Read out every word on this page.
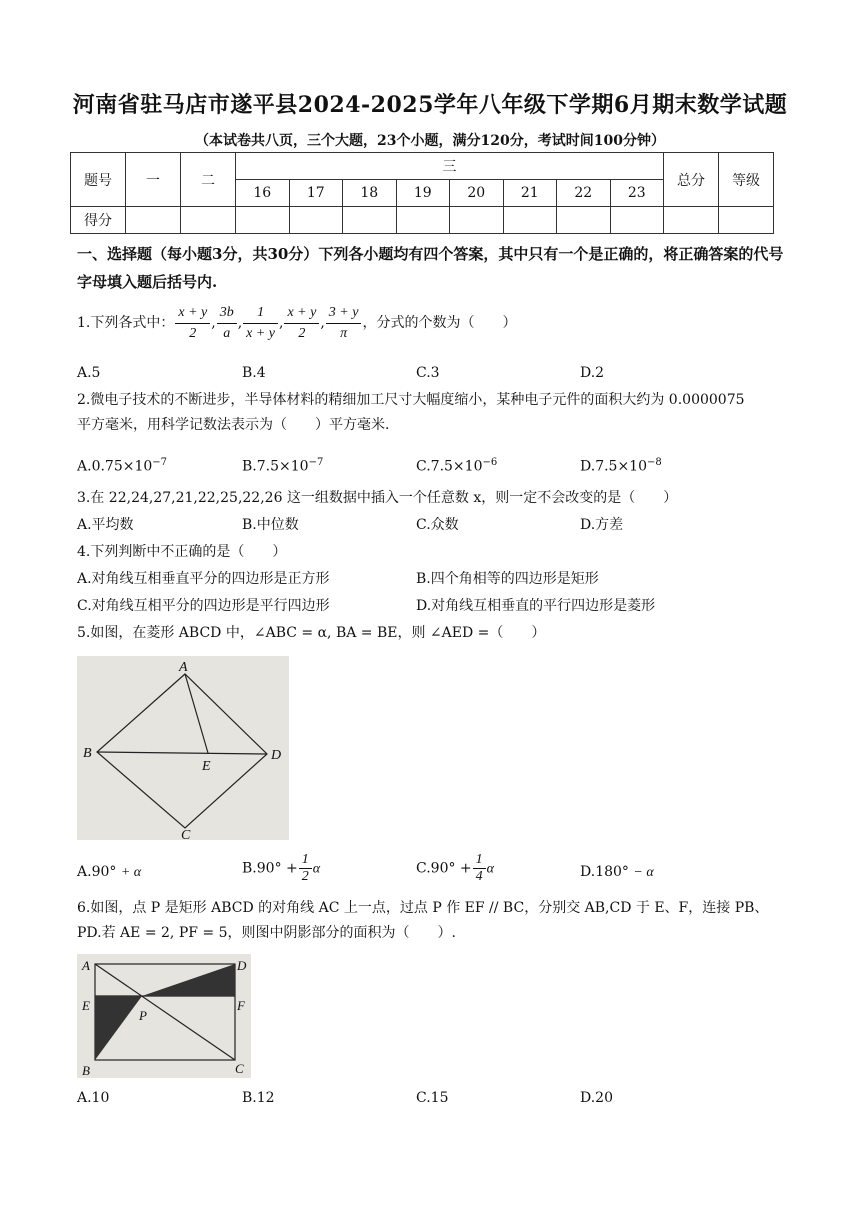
河南省驻马店市遂平县2024-2025学年八年级下学期6月期末数学试题
（本试卷共八页，三个大题，23个小题，满分120分，考试时间100分钟）
题号	一	二	三								总分	等级
			16	17	18	19	20	21	22	23		
得分												
一、选择题（每小题3分，共30分）下列各小题均有四个答案，其中只有一个是正确的，将正确答案的代号字母填入题后括号内.
1.下列各式中： $\frac{x + y}{2}$ , $\frac{3b}{a}$ , $\frac{1}{x + y}$ , $\frac{x + y}{2}$ , $\frac{3 + y}{\pi}$ ，分式的个数为（　　）
A.5	B.4	C.3	D.2
2.微电子技术的不断进步，半导体材料的精细加工尺寸大幅度缩小，某种电子元件的面积大约为 0.0000075
平方毫米，用科学记数法表示为（　　）平方毫米.
$A.0.75\times 10^{-7}$	$B.7.5\times 10^{-7}$	$C.7.5\times 10^{-6}$	$D.7.5\times 10^{-8}$
3.在 22,24,27,21,22,25,22,26 这一组数据中插入一个任意数 x，则一定不会改变的是（　　）
A.平均数	B.中位数	C.众数	D.方差
4.下列判断中不正确的是（　　）
A.对角线互相垂直平分的四边形是正方形	B.四个角相等的四边形是矩形
C.对角线互相平分的四边形是平行四边形	D.对角线互相垂直的平行四边形是菱形
5.如图，在菱形 ABCD 中，∠ABC = α, BA = BE，则 ∠AED =（　　）
A
B
E
D
C
A.90° + α	$B.90^\circ + \frac{1}{2}$ α	$C.90^\circ + \frac{1}{4}$ α	D.180° − α
6.如图，点 P 是矩形 ABCD 的对角线 AC 上一点，过点 P 作 EF // BC，分别交 AB,CD 于 E、F，连接 PB、
PD.若 AE = 2, PF = 5，则图中阴影部分的面积为（　　）.
A	D
E	F
P
B	C
A.10	B.12	C.15	D.20
